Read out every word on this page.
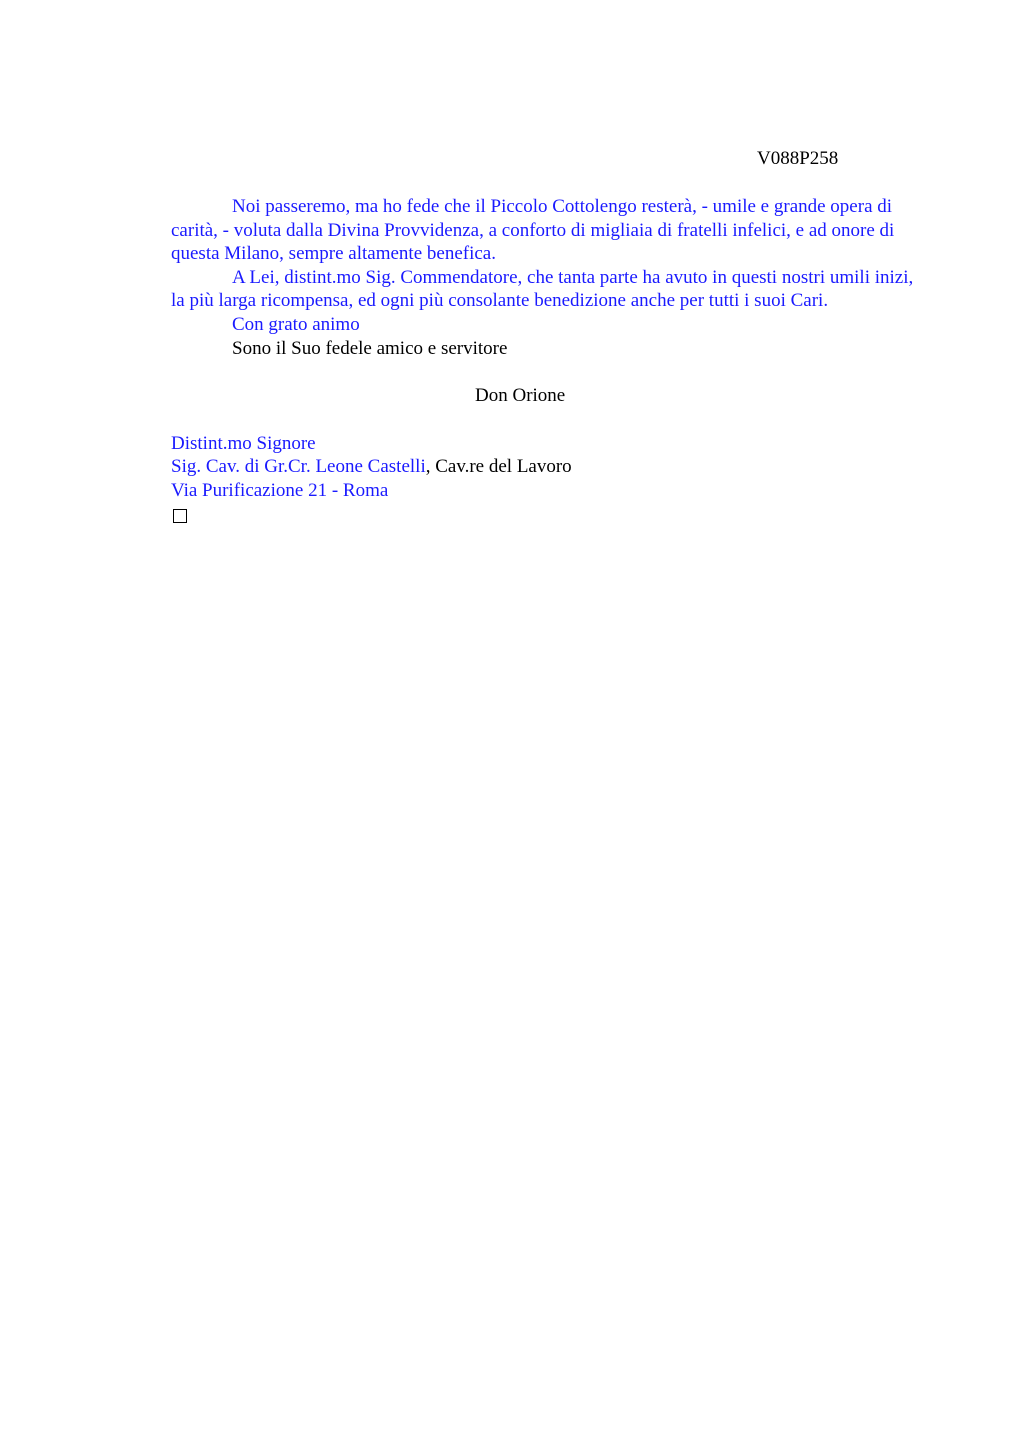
V088P258

Noi passeremo, ma ho fede che il Piccolo Cottolengo resterà, - umile e grande opera di carità, - voluta dalla Divina Provvidenza, a conforto di migliaia di fratelli infelici, e ad onore di questa Milano, sempre altamente benefica.

A Lei, distint.mo Sig. Commendatore, che tanta parte ha avuto in questi nostri umili inizi, la più larga ricompensa, ed ogni più consolante benedizione anche per tutti i suoi Cari.

Con grato animo

Sono il Suo fedele amico e servitore

Don Orione

Distint.mo Signore

Sig. Cav. di Gr.Cr. Leone Castelli, Cav.re del Lavoro

Via Purificazione 21 - Roma
